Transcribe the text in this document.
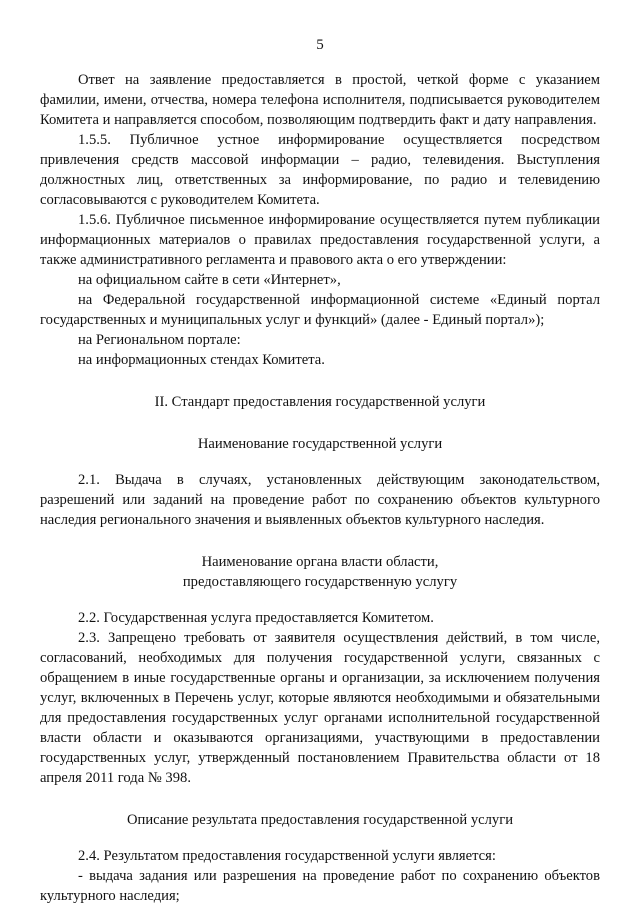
5

Ответ на заявление предоставляется в простой, четкой форме с указанием фамилии, имени, отчества, номера телефона исполнителя, подписывается руководителем Комитета и направляется способом, позволяющим подтвердить факт и дату направления.

1.5.5. Публичное устное информирование осуществляется посредством привлечения средств массовой информации – радио, телевидения. Выступления должностных лиц, ответственных за информирование, по радио и телевидению согласовываются с руководителем Комитета.

1.5.6. Публичное письменное информирование осуществляется путем публикации информационных материалов о правилах предоставления государственной услуги, а также административного регламента и правового акта о его утверждении:

на официальном сайте в сети «Интернет»,

на Федеральной государственной информационной системе «Единый портал государственных и муниципальных услуг и функций» (далее - Единый портал»);

на Региональном портале:

на информационных стендах Комитета.

II. Стандарт предоставления государственной услуги

Наименование государственной услуги

2.1. Выдача в случаях, установленных действующим законодательством, разрешений или заданий на проведение работ по сохранению объектов культурного наследия регионального значения и выявленных объектов культурного наследия.

Наименование органа власти области,

предоставляющего государственную услугу

2.2. Государственная услуга предоставляется Комитетом.

2.3. Запрещено требовать от заявителя осуществления действий, в том числе, согласований, необходимых для получения государственной услуги, связанных с обращением в иные государственные органы и организации, за исключением получения услуг, включенных в Перечень услуг, которые являются необходимыми и обязательными для предоставления государственных услуг органами исполнительной государственной власти области и оказываются организациями, участвующими в предоставлении государственных услуг, утвержденный постановлением Правительства области от 18 апреля 2011 года № 398.

Описание результата предоставления государственной услуги

2.4. Результатом предоставления государственной услуги является:

- выдача задания или разрешения на проведение работ по сохранению объектов культурного наследия;
